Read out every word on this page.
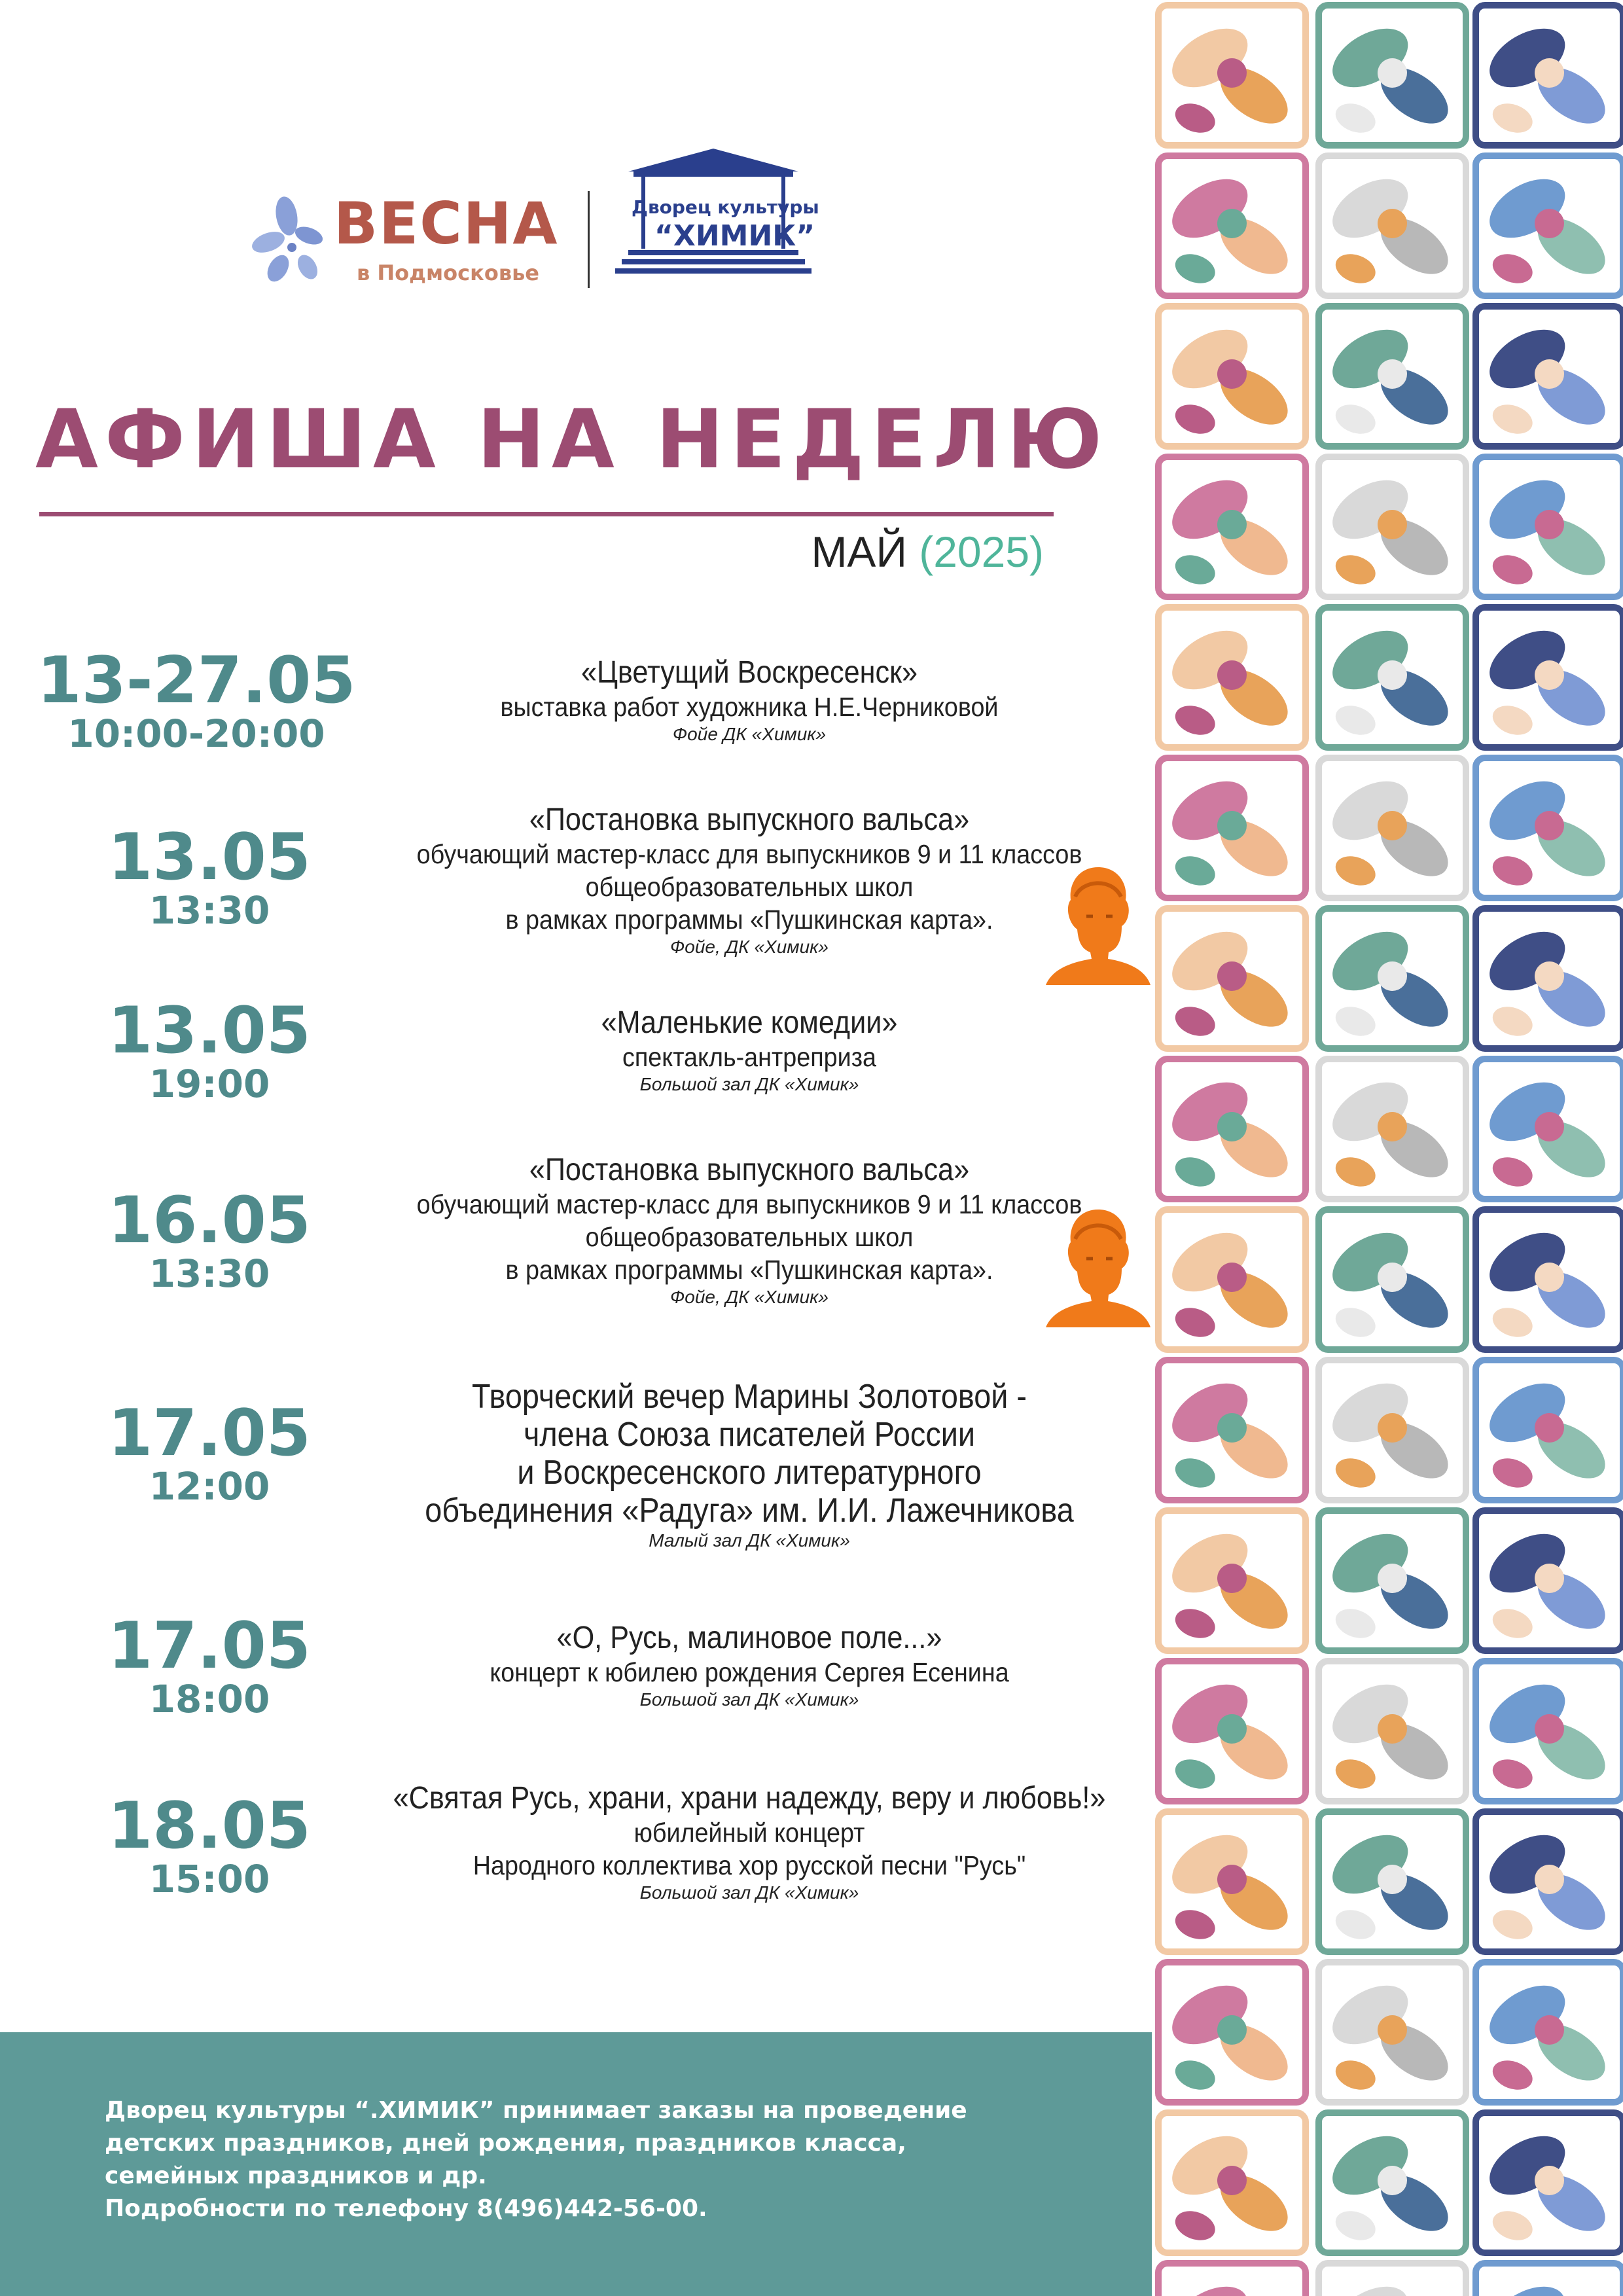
ВЕСНА
в Подмосковье
Дворец культуры
“ХИМИК”
АФИША НА НЕДЕЛЮ
МАЙ (2025)
13-27.05
10:00-20:00
«Цветущий Воскресенск»
выставка работ художника Н.Е.Черниковой
Фойе ДК «Химик»
13.05
13:30
«Постановка выпускного вальса»
обучающий мастер-класс для выпускников 9 и 11 классов
общеобразовательных школ
в рамках программы «Пушкинская карта».
Фойе, ДК «Химик»
13.05
19:00
«Маленькие комедии»
спектакль-антреприза
Большой зал ДК «Химик»
16.05
13:30
«Постановка выпускного вальса»
обучающий мастер-класс для выпускников 9 и 11 классов
общеобразовательных школ
в рамках программы «Пушкинская карта».
Фойе, ДК «Химик»
17.05
12:00
Творческий вечер Марины Золотовой -
члена Союза писателей России
и Воскресенского литературного
объединения «Радуга» им. И.И. Лажечникова
Малый зал ДК «Химик»
17.05
18:00
«О, Русь, малиновое поле...»
концерт к юбилею рождения Сергея Есенина
Большой зал ДК «Химик»
18.05
15:00
«Святая Русь, храни, храни надежду, веру и любовь!»
юбилейный концерт
Народного коллектива хор русской песни "Русь"
Большой зал ДК «Химик»
Дворец культуры “.ХИМИК” принимает заказы на проведение
детских праздников, дней рождения, праздников класса,
семейных праздников и др.
Подробности по телефону 8(496)442-56-00.
